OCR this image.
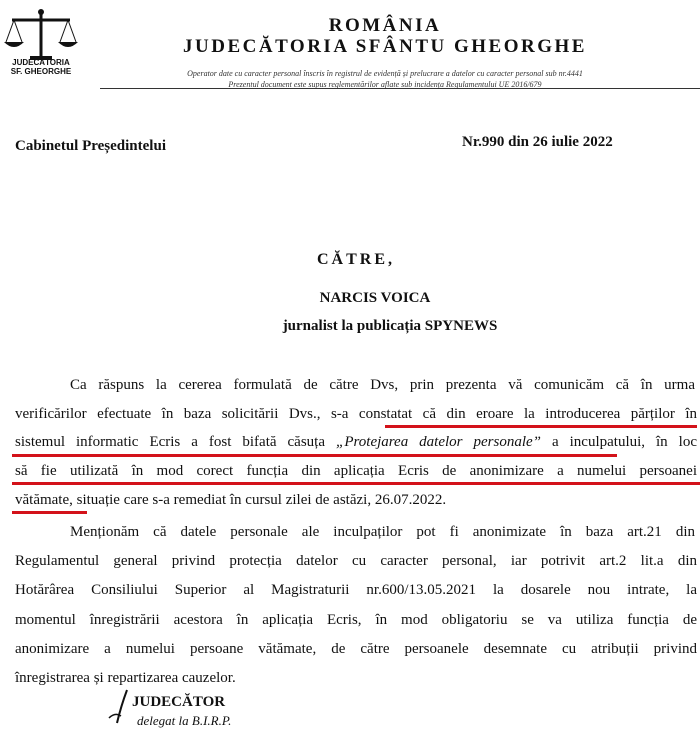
JUDECĂTORIA
SF. GHEORGHE
ROMÂNIA
JUDECĂTORIA SFÂNTU GHEORGHE
Operator date cu caracter personal înscris în registrul de evidență și prelucrare a datelor cu caracter personal sub nr.4441
Prezentul document este supus reglementărilor aflate sub incidența Regulamentului UE 2016/679
Cabinetul Președintelui	Nr.990 din 26 iulie 2022
CĂTRE,
NARCIS VOICA
jurnalist la publicația SPYNEWS
Ca răspuns la cererea formulată de către Dvs, prin prezenta vă comunicăm că în urma
verificărilor efectuate în baza solicitării Dvs., s-a constatat că din eroare la introducerea părților în
sistemul informatic Ecris a fost bifată căsuța „Protejarea datelor personale” a inculpatului, în loc
să fie utilizată în mod corect funcția din aplicația Ecris de anonimizare a numelui persoanei
vătămate, situație care s-a remediat în cursul zilei de astăzi, 26.07.2022.
Menționăm că datele personale ale inculpaților pot fi anonimizate în baza art.21 din
Regulamentul general privind protecția datelor cu caracter personal, iar potrivit art.2 lit.a din
Hotărârea Consiliului Superior al Magistraturii nr.600/13.05.2021 la dosarele nou intrate, la
momentul înregistrării acestora în aplicația Ecris, în mod obligatoriu se va utiliza funcția de
anonimizare a numelui persoane vătămate, de către persoanele desemnate cu atribuții privind
înregistrarea și repartizarea cauzelor.
JUDECĂTOR
delegat la B.I.R.P.
